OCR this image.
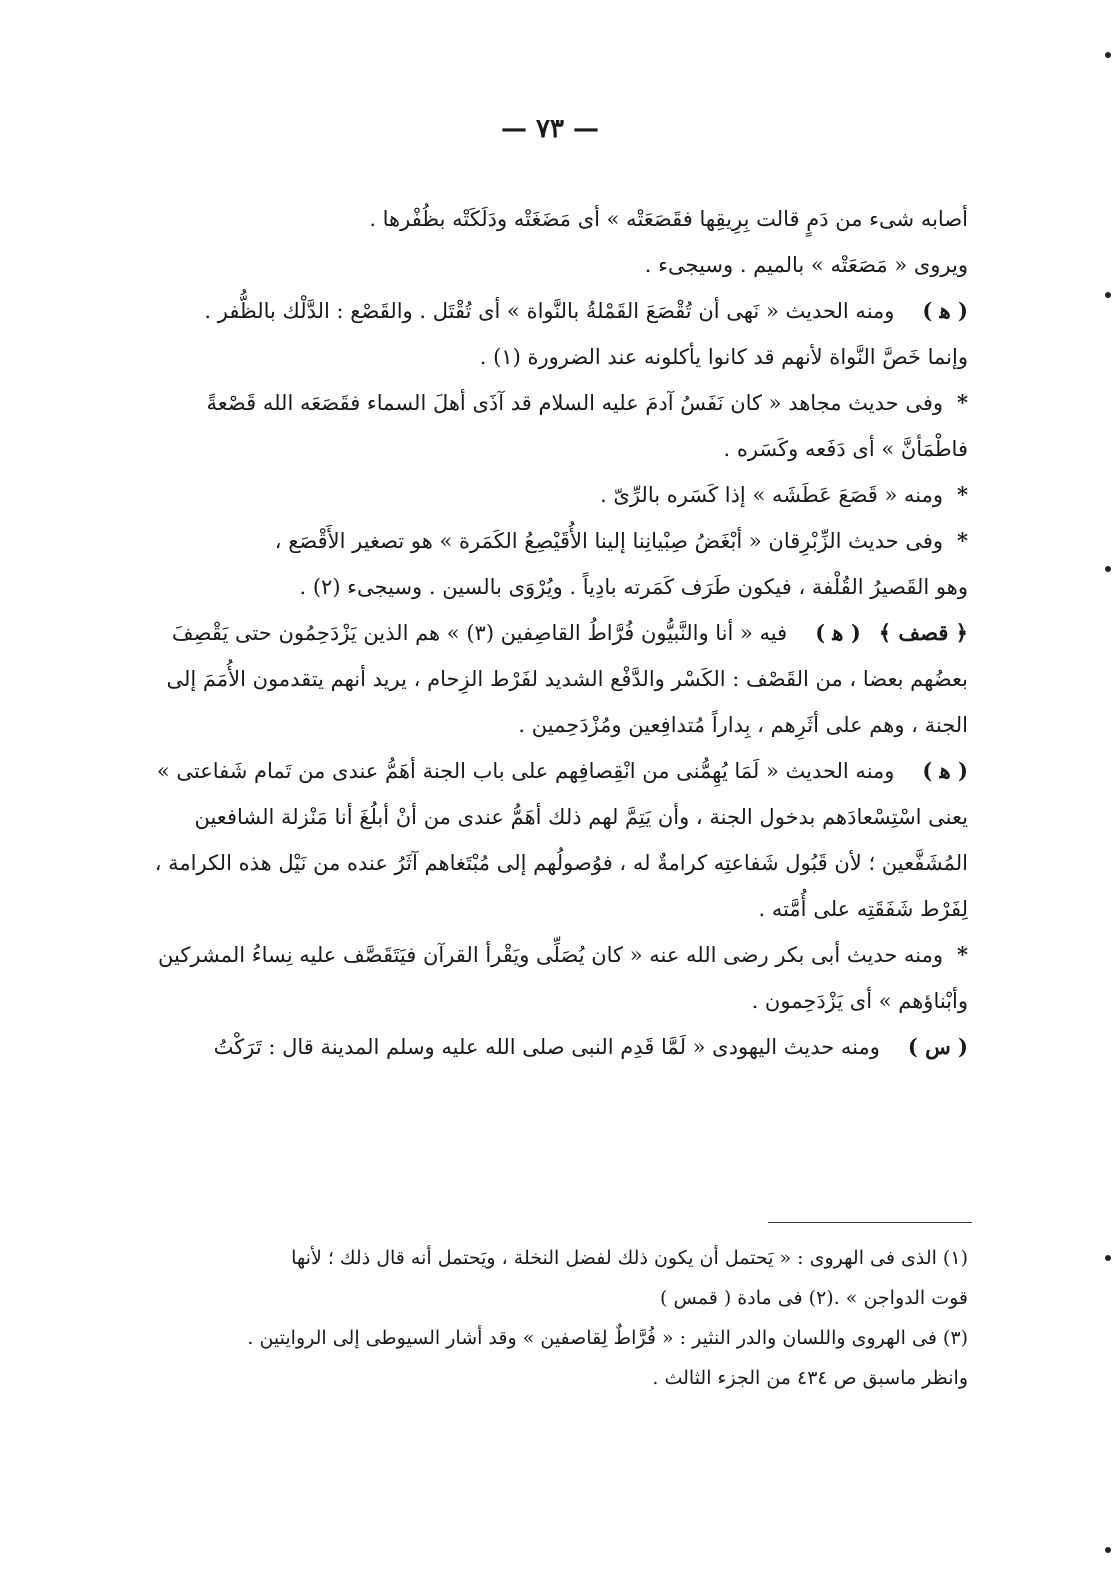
— ٧٣ —

أصابه شىء من دَمٍ قالت بِرِيقِها فقَصَعَتْه » أى مَضَغَتْه ودَلَكَتْه بظُفْرها .

ويروى « مَصَعَتْه » بالميم . وسيجىء .

( ﻫ )ومنه الحديث « نَهى أن تُقْصَعَ القَمْلةُ بالنَّواة » أى تُقْتَل . والقَصْع : الدَّلْك بالظُّفر .

وإنما خَصَّ النَّواة لأنهم قد كانوا يأكلونه عند الضرورة (١) .

*وفى حديث مجاهد « كان نَفَسُ آدمَ عليه السلام قد آذَى أهلَ السماء فقَصَعَه الله قَصْعةً

فاطْمَأنَّ » أى دَفَعه وكَسَره .

*ومنه « قَصَعَ عَطَشَه » إذا كَسَره بالرِّىّ .

*وفى حديث الزِّبْرِقان « أبْغَضُ صِبْيانِنا إلينا الأُقَيْصِعُ الكَمَرة » هو تصغير الأَقْصَع ،

وهو القَصيرُ القُلْفة ، فيكون طَرَف كَمَرته بادِياً . ويُرْوَى بالسين . وسيجىء (٢) .

﴿ قصف ﴾( ﻫ )فيه « أنا والنَّبيُّون فُرَّاطُ القاصِفين (٣) » هم الذين يَزْدَحِمُون حتى يَقْصِفَ

بعضُهم بعضا ، من القَصْف : الكَسْر والدَّفْع الشديد لفَرْط الزِحام ، يريد أنهم يتقدمون الأُمَمَ إلى

الجنة ، وهم على أثَرِهم ، بِداراً مُتدافِعين ومُزْدَحِمين .

( ﻫ )ومنه الحديث « لَمَا يُهِمُّنى من انْقِصافِهم على باب الجنة أهَمُّ عندى من تَمام شَفاعتى »

يعنى اسْتِسْعادَهم بدخول الجنة ، وأن يَتِمَّ لهم ذلك أهَمُّ عندى من أنْ أبلُغَ أنا مَنْزلة الشافعين

المُشَفَّعين ؛ لأن قَبُول شَفاعتِه كرامةٌ له ، فوُصولُهم إلى مُبْتَغاهم آثَرُ عنده من نَيْل هذه الكرامة ،

لِفَرْط شَفَقَتِه على أُمَّته .

*ومنه حديث أبى بكر رضى الله عنه « كان يُصَلِّى ويَقْرأ القرآن فيَتَقَصَّف عليه نِساءُ المشركين

وأبْناؤهم » أى يَزْدَحِمون .

( س )ومنه حديث اليهودى « لَمَّا قَدِم النبى صلى الله عليه وسلم المدينة قال : تَرَكْتُ

(١) الذى فى الهروى : « يَحتمل أن يكون ذلك لفضل النخلة ، ويَحتمل أنه قال ذلك ؛ لأنها

قوت الدواجن » .(٢) فى مادة ( قمس )

(٣) فى الهروى واللسان والدر النثير : « فُرَّاطٌ لِقاصفين » وقد أشار السيوطى إلى الروايتين .

وانظر ماسبق ص ٤٣٤ من الجزء الثالث .
